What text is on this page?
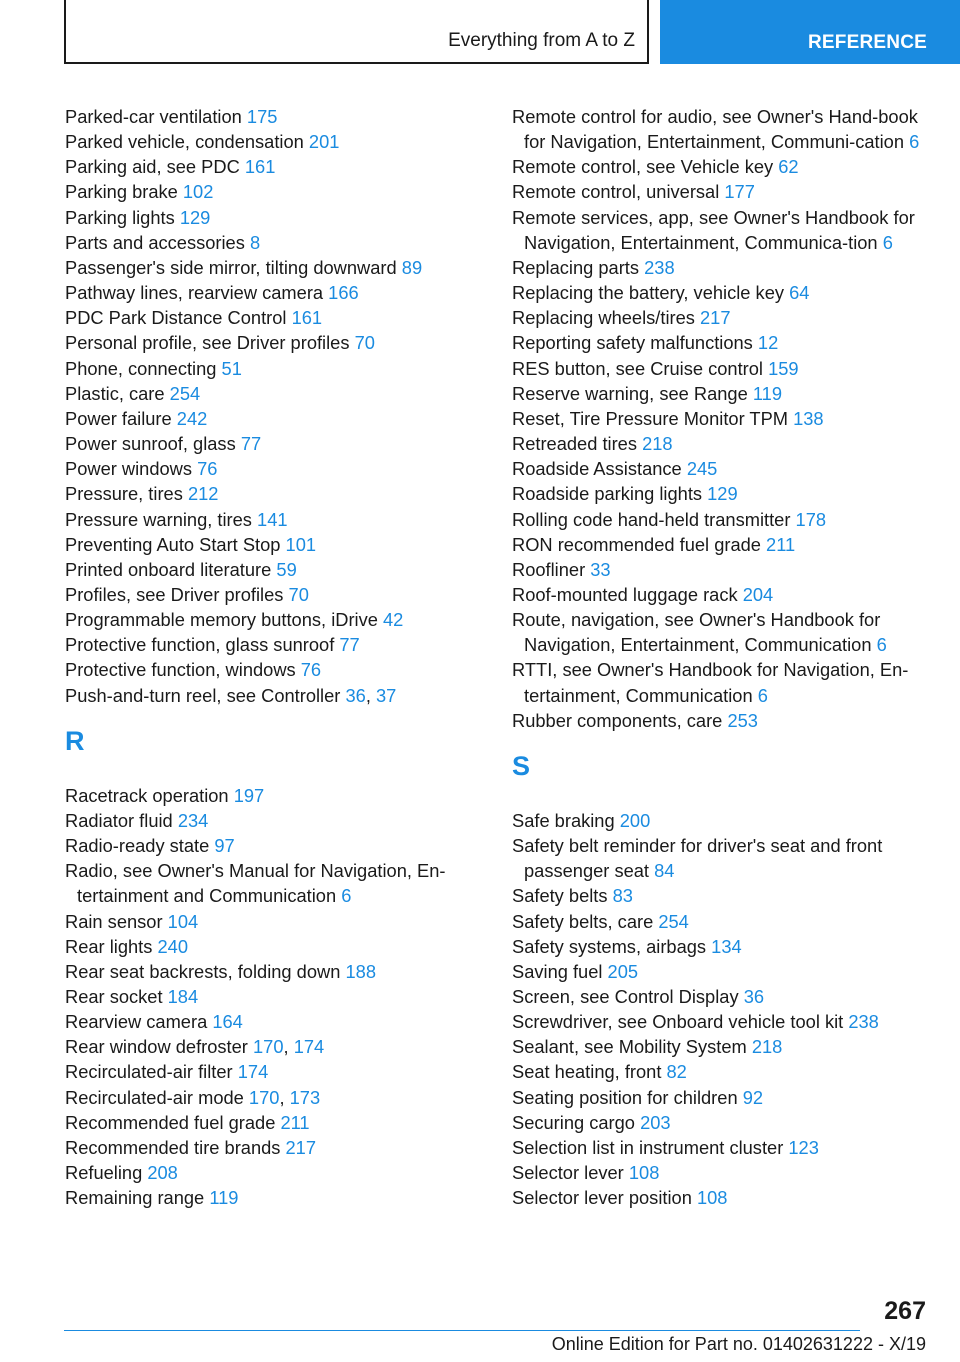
Everything from A to Z	REFERENCE
Parked-car ventilation 175
Parked vehicle, condensation 201
Parking aid, see PDC 161
Parking brake 102
Parking lights 129
Parts and accessories 8
Passenger's side mirror, tilting downward 89
Pathway lines, rearview camera 166
PDC Park Distance Control 161
Personal profile, see Driver profiles 70
Phone, connecting 51
Plastic, care 254
Power failure 242
Power sunroof, glass 77
Power windows 76
Pressure, tires 212
Pressure warning, tires 141
Preventing Auto Start Stop 101
Printed onboard literature 59
Profiles, see Driver profiles 70
Programmable memory buttons, iDrive 42
Protective function, glass sunroof 77
Protective function, windows 76
Push-and-turn reel, see Controller 36, 37
R
Racetrack operation 197
Radiator fluid 234
Radio-ready state 97
Radio, see Owner's Manual for Navigation, En‐tertainment and Communication 6
Rain sensor 104
Rear lights 240
Rear seat backrests, folding down 188
Rear socket 184
Rearview camera 164
Rear window defroster 170, 174
Recirculated-air filter 174
Recirculated-air mode 170, 173
Recommended fuel grade 211
Recommended tire brands 217
Refueling 208
Remaining range 119
Remote control for audio, see Owner's Hand‐book for Navigation, Entertainment, Communi‐cation 6
Remote control, see Vehicle key 62
Remote control, universal 177
Remote services, app, see Owner's Handbook for Navigation, Entertainment, Communica‐tion 6
Replacing parts 238
Replacing the battery, vehicle key 64
Replacing wheels/tires 217
Reporting safety malfunctions 12
RES button, see Cruise control 159
Reserve warning, see Range 119
Reset, Tire Pressure Monitor TPM 138
Retreaded tires 218
Roadside Assistance 245
Roadside parking lights 129
Rolling code hand-held transmitter 178
RON recommended fuel grade 211
Roofliner 33
Roof-mounted luggage rack 204
Route, navigation, see Owner's Handbook for Navigation, Entertainment, Communication 6
RTTI, see Owner's Handbook for Navigation, En‐tertainment, Communication 6
Rubber components, care 253
S
Safe braking 200
Safety belt reminder for driver's seat and front passenger seat 84
Safety belts 83
Safety belts, care 254
Safety systems, airbags 134
Saving fuel 205
Screen, see Control Display 36
Screwdriver, see Onboard vehicle tool kit 238
Sealant, see Mobility System 218
Seat heating, front 82
Seating position for children 92
Securing cargo 203
Selection list in instrument cluster 123
Selector lever 108
Selector lever position 108
267
Online Edition for Part no. 01402631222 - X/19
